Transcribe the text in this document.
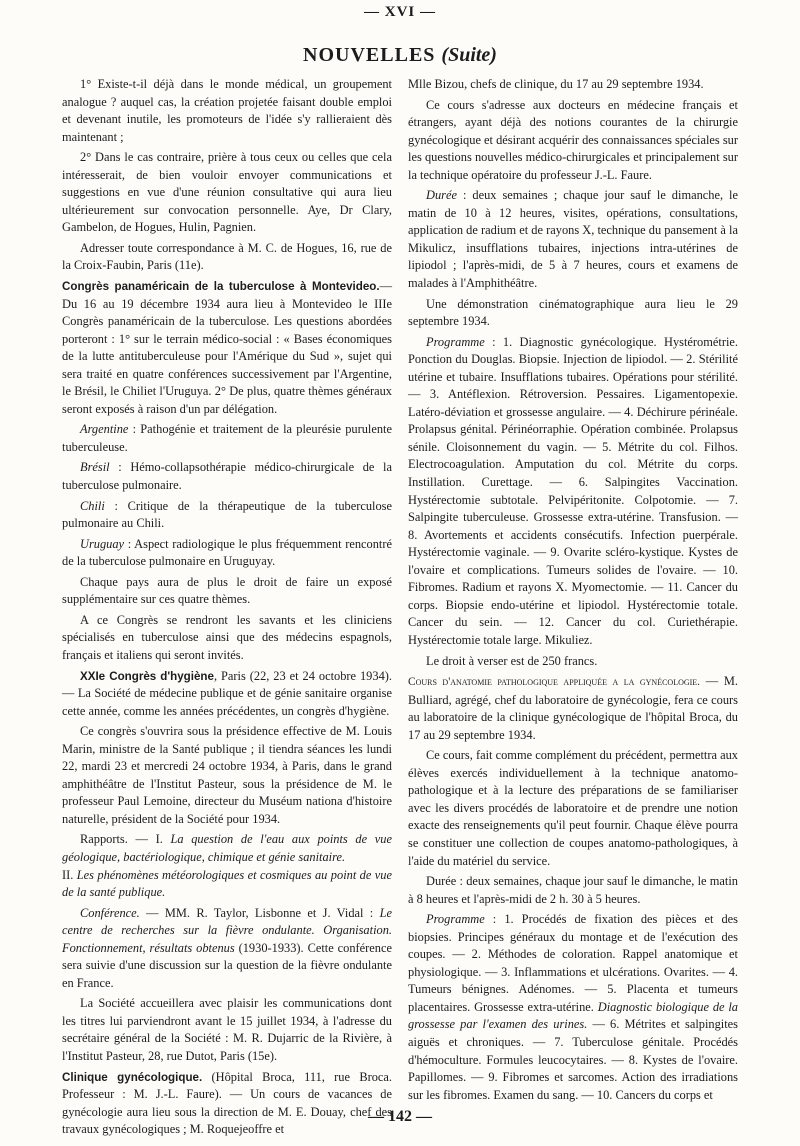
— XVI —
NOUVELLES (Suite)

1° Existe-t-il déjà dans le monde médical, un groupement analogue ? auquel cas, la création projetée faisant double emploi et devenant inutile, les promoteurs de l'idée s'y rallieraient dès maintenant ;

2° Dans le cas contraire, prière à tous ceux ou celles que cela intéresserait, de bien vouloir envoyer communications et suggestions en vue d'une réunion consultative qui aura lieu ultérieurement sur convocation personnelle. Aye, Dr Clary, Gambelon, de Hogues, Hulin, Pagnien.

Adresser toute correspondance à M. C. de Hogues, 16, rue de la Croix-Faubin, Paris (11e).

Congrès panaméricain de la tuberculose à Montevideo.— Du 16 au 19 décembre 1934 aura lieu à Montevideo le IIIe Congrès panaméricain de la tuberculose. Les questions abordées porteront : 1° sur le terrain médico-social : « Bases économiques de la lutte antituberculeuse pour l'Amérique du Sud », sujet qui sera traité en quatre conférences successivement par l'Argentine, le Brésil, le Chiliet l'Uruguya. 2° De plus, quatre thèmes généraux seront exposés à raison d'un par délégation.

Argentine : Pathogénie et traitement de la pleurésie purulente tuberculeuse.

Brésil : Hémo-collapsothérapie médico-chirurgicale de la tuberculose pulmonaire.

Chili : Critique de la thérapeutique de la tuberculose pulmonaire au Chili.

Uruguay : Aspect radiologique le plus fréquemment rencontré de la tuberculose pulmonaire en Uruguyay.

Chaque pays aura de plus le droit de faire un exposé supplémentaire sur ces quatre thèmes.

A ce Congrès se rendront les savants et les cliniciens spécialisés en tuberculose ainsi que des médecins espagnols, français et italiens qui seront invités.

XXIe Congrès d'hygiène, Paris (22, 23 et 24 octobre 1934). — La Société de médecine publique et de génie sanitaire organise cette année, comme les années précédentes, un congrès d'hygiène.

Ce congrès s'ouvrira sous la présidence effective de M. Louis Marin, ministre de la Santé publique ; il tiendra séances les lundi 22, mardi 23 et mercredi 24 octobre 1934, à Paris, dans le grand amphithéâtre de l'Institut Pasteur, sous la présidence de M. le professeur Paul Lemoine, directeur du Muséum nationa d'histoire naturelle, président de la Société pour 1934.

Rapports. — I. La question de l'eau aux points de vue géologique, bactériologique, chimique et génie sanitaire.
II. Les phénomènes météorologiques et cosmiques au point de vue de la santé publique.

Conférence. — MM. R. Taylor, Lisbonne et J. Vidal : Le centre de recherches sur la fièvre ondulante. Organisation. Fonctionnement, résultats obtenus (1930-1933). Cette conférence sera suivie d'une discussion sur la question de la fièvre ondulante en France.

La Société accueillera avec plaisir les communications dont les titres lui parviendront avant le 15 juillet 1934, à l'adresse du secrétaire général de la Société : M. R. Dujarric de la Rivière, à l'Institut Pasteur, 28, rue Dutot, Paris (15e).

Clinique gynécologique. (Hôpital Broca, 111, rue Broca. Professeur : M. J.-L. Faure). — Un cours de vacances de gynécologie aura lieu sous la direction de M. E. Douay, chef des travaux gynécologiques ; M. Roquejeoffre et

Mlle Bizou, chefs de clinique, du 17 au 29 septembre 1934.

Ce cours s'adresse aux docteurs en médecine français et étrangers, ayant déjà des notions courantes de la chirurgie gynécologique et désirant acquérir des connaissances spéciales sur les questions nouvelles médico-chirurgicales et principalement sur la technique opératoire du professeur J.-L. Faure.

Durée : deux semaines ; chaque jour sauf le dimanche, le matin de 10 à 12 heures, visites, opérations, consultations, application de radium et de rayons X, technique du pansement à la Mikulicz, insufflations tubaires, injections intra-utérines de lipiodol ; l'après-midi, de 5 à 7 heures, cours et examens de malades à l'Amphithéâtre.

Une démonstration cinématographique aura lieu le 29 septembre 1934.

Programme : 1. Diagnostic gynécologique. Hystérométrie. Ponction du Douglas. Biopsie. Injection de lipiodol. — 2. Stérilité utérine et tubaire. Insufflations tubaires. Opérations pour stérilité. — 3. Antéflexion. Rétroversion. Pessaires. Ligamentopexie. Latéro-déviation et grossesse angulaire. — 4. Déchirure périnéale. Prolapsus génital. Périnéorraphie. Opération combinée. Prolapsus sénile. Cloisonnement du vagin. — 5. Métrite du col. Filhos. Electrocoagulation. Amputation du col. Métrite du corps. Instillation. Curettage. — 6. Salpingites Vaccination. Hystérectomie subtotale. Pelvipéritonite. Colpotomie. — 7. Salpingite tuberculeuse. Grossesse extra-utérine. Transfusion. — 8. Avortements et accidents consécutifs. Infection puerpérale. Hystérectomie vaginale. — 9. Ovarite scléro-kystique. Kystes de l'ovaire et complications. Tumeurs solides de l'ovaire. — 10. Fibromes. Radium et rayons X. Myomectomie. — 11. Cancer du corps. Biopsie endo-utérine et lipiodol. Hystérectomie totale. Cancer du sein. — 12. Cancer du col. Curiethérapie. Hystérectomie totale large. Mikuliez.

Le droit à verser est de 250 francs.

Cours d'anatomie pathologique appliquée a la gynécologie. — M. Bulliard, agrégé, chef du laboratoire de gynécologie, fera ce cours au laboratoire de la clinique gynécologique de l'hôpital Broca, du 17 au 29 septembre 1934.

Ce cours, fait comme complément du précédent, permettra aux élèves exercés individuellement à la technique anatomo-pathologique et à la lecture des préparations de se familiariser avec les divers procédés de laboratoire et de prendre une notion exacte des renseignements qu'il peut fournir. Chaque élève pourra se constituer une collection de coupes anatomo-pathologiques, à l'aide du matériel du service.

Durée : deux semaines, chaque jour sauf le dimanche, le matin à 8 heures et l'après-midi de 2 h. 30 à 5 heures.

Programme : 1. Procédés de fixation des pièces et des biopsies. Principes généraux du montage et de l'exécution des coupes. — 2. Méthodes de coloration. Rappel anatomique et physiologique. — 3. Inflammations et ulcérations. Ovarites. — 4. Tumeurs bénignes. Adénomes. — 5. Placenta et tumeurs placentaires. Grossesse extra-utérine. Diagnostic biologique de la grossesse par l'examen des urines. — 6. Métrites et salpingites aiguës et chroniques. — 7. Tuberculose génitale. Procédés d'hémoculture. Formules leucocytaires. — 8. Kystes de l'ovaire. Papillomes. — 9. Fibromes et sarcomes. Action des irradiations sur les fibromes. Examen du sang. — 10. Cancers du corps et

— 142 —
